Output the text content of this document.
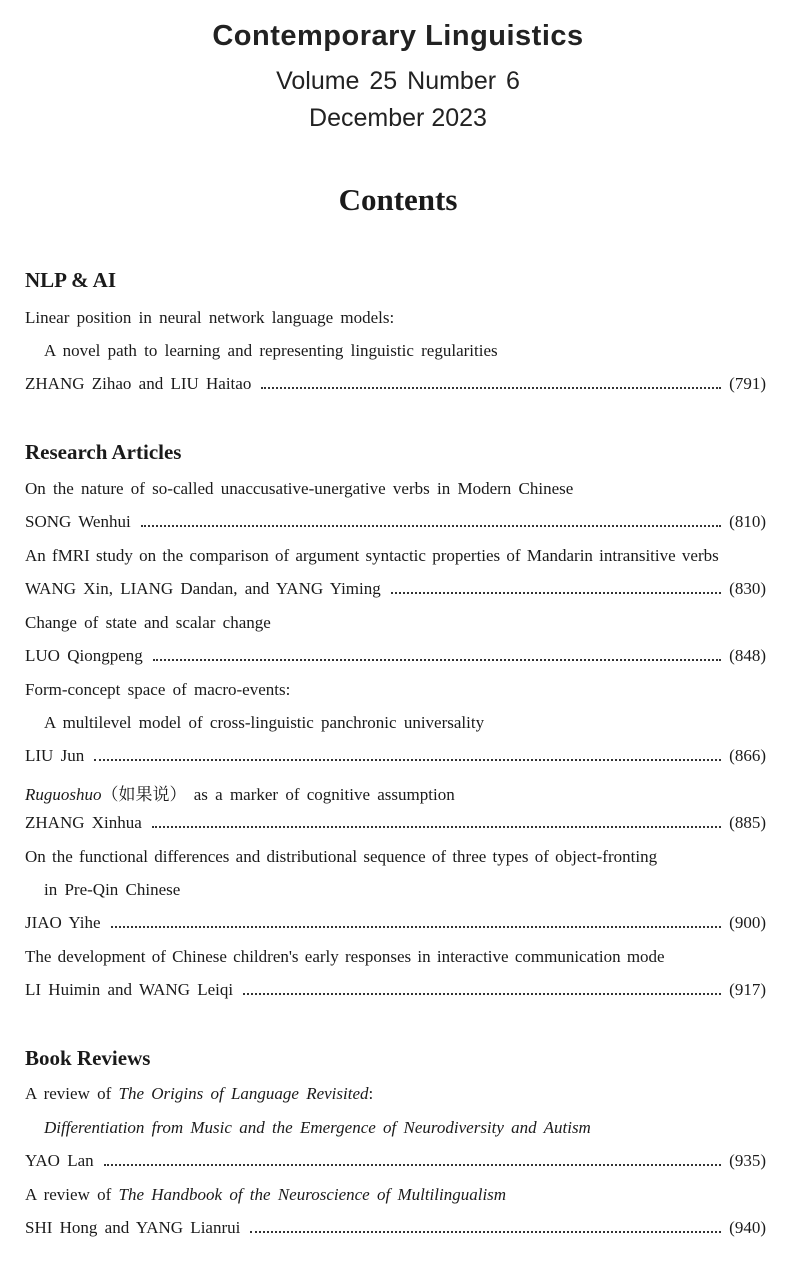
Contemporary Linguistics
Volume 25 Number 6
December 2023
Contents
NLP & AI
Linear position in neural network language models:
A novel path to learning and representing linguistic regularities
ZHANG Zihao and LIU Haitao	(791)
Research Articles
On the nature of so-called unaccusative-unergative verbs in Modern Chinese
SONG Wenhui	(810)
An fMRI study on the comparison of argument syntactic properties of Mandarin intransitive verbs
WANG Xin, LIANG Dandan, and YANG Yiming	(830)
Change of state and scalar change
LUO Qiongpeng	(848)
Form-concept space of macro-events:
A multilevel model of cross-linguistic panchronic universality
LIU Jun	(866)
Ruguoshuo（如果说） as a marker of cognitive assumption
ZHANG Xinhua	(885)
On the functional differences and distributional sequence of three types of object-fronting
in Pre-Qin Chinese
JIAO Yihe	(900)
The development of Chinese children's early responses in interactive communication mode
LI Huimin and WANG Leiqi	(917)
Book Reviews
A review of The Origins of Language Revisited:
Differentiation from Music and the Emergence of Neurodiversity and Autism
YAO Lan	(935)
A review of The Handbook of the Neuroscience of Multilingualism
SHI Hong and YANG Lianrui	(940)
